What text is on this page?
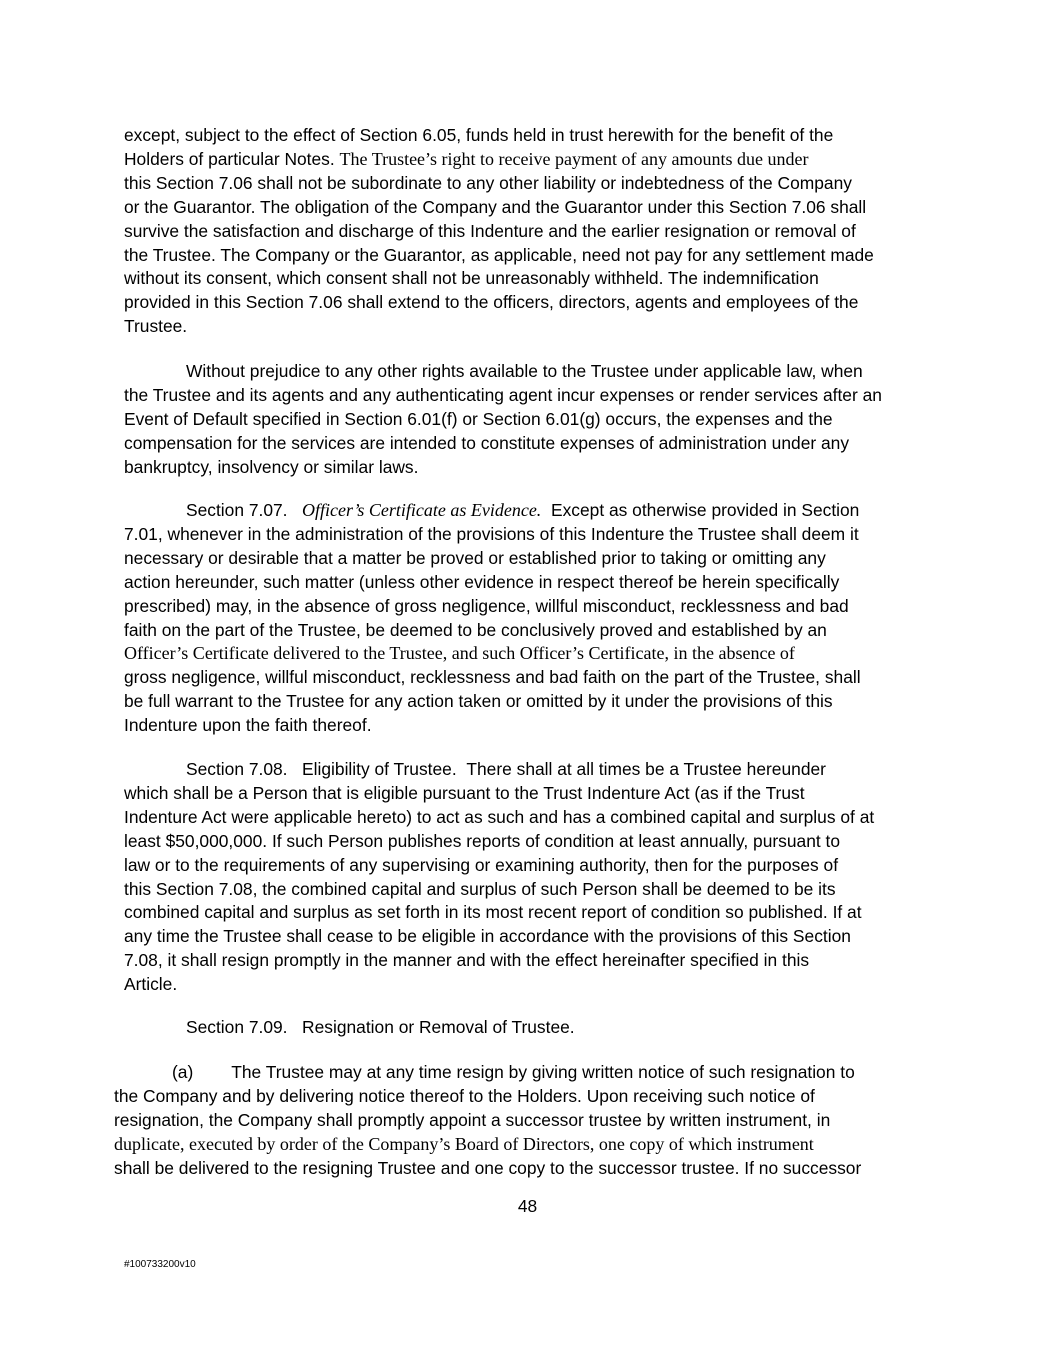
except, subject to the effect of Section 6.05, funds held in trust herewith for the benefit of the
Holders of particular Notes. The Trustee’s right to receive payment of any amounts due under
this Section 7.06 shall not be subordinate to any other liability or indebtedness of the Company
or the Guarantor. The obligation of the Company and the Guarantor under this Section 7.06 shall
survive the satisfaction and discharge of this Indenture and the earlier resignation or removal of
the Trustee. The Company or the Guarantor, as applicable, need not pay for any settlement made
without its consent, which consent shall not be unreasonably withheld. The indemnification
provided in this Section 7.06 shall extend to the officers, directors, agents and employees of the
Trustee.
Without prejudice to any other rights available to the Trustee under applicable law, when
the Trustee and its agents and any authenticating agent incur expenses or render services after an
Event of Default specified in Section 6.01(f) or Section 6.01(g) occurs, the expenses and the
compensation for the services are intended to constitute expenses of administration under any
bankruptcy, insolvency or similar laws.
Section 7.07. Officer’s Certificate as Evidence. Except as otherwise provided in Section
7.01, whenever in the administration of the provisions of this Indenture the Trustee shall deem it
necessary or desirable that a matter be proved or established prior to taking or omitting any
action hereunder, such matter (unless other evidence in respect thereof be herein specifically
prescribed) may, in the absence of gross negligence, willful misconduct, recklessness and bad
faith on the part of the Trustee, be deemed to be conclusively proved and established by an
Officer’s Certificate delivered to the Trustee, and such Officer’s Certificate, in the absence of
gross negligence, willful misconduct, recklessness and bad faith on the part of the Trustee, shall
be full warrant to the Trustee for any action taken or omitted by it under the provisions of this
Indenture upon the faith thereof.
Section 7.08. Eligibility of Trustee. There shall at all times be a Trustee hereunder
which shall be a Person that is eligible pursuant to the Trust Indenture Act (as if the Trust
Indenture Act were applicable hereto) to act as such and has a combined capital and surplus of at
least $50,000,000. If such Person publishes reports of condition at least annually, pursuant to
law or to the requirements of any supervising or examining authority, then for the purposes of
this Section 7.08, the combined capital and surplus of such Person shall be deemed to be its
combined capital and surplus as set forth in its most recent report of condition so published. If at
any time the Trustee shall cease to be eligible in accordance with the provisions of this Section
7.08, it shall resign promptly in the manner and with the effect hereinafter specified in this
Article.
Section 7.09. Resignation or Removal of Trustee.
(a) The Trustee may at any time resign by giving written notice of such resignation to
the Company and by delivering notice thereof to the Holders. Upon receiving such notice of
resignation, the Company shall promptly appoint a successor trustee by written instrument, in
duplicate, executed by order of the Company’s Board of Directors, one copy of which instrument
shall be delivered to the resigning Trustee and one copy to the successor trustee. If no successor
48
#100733200v10
